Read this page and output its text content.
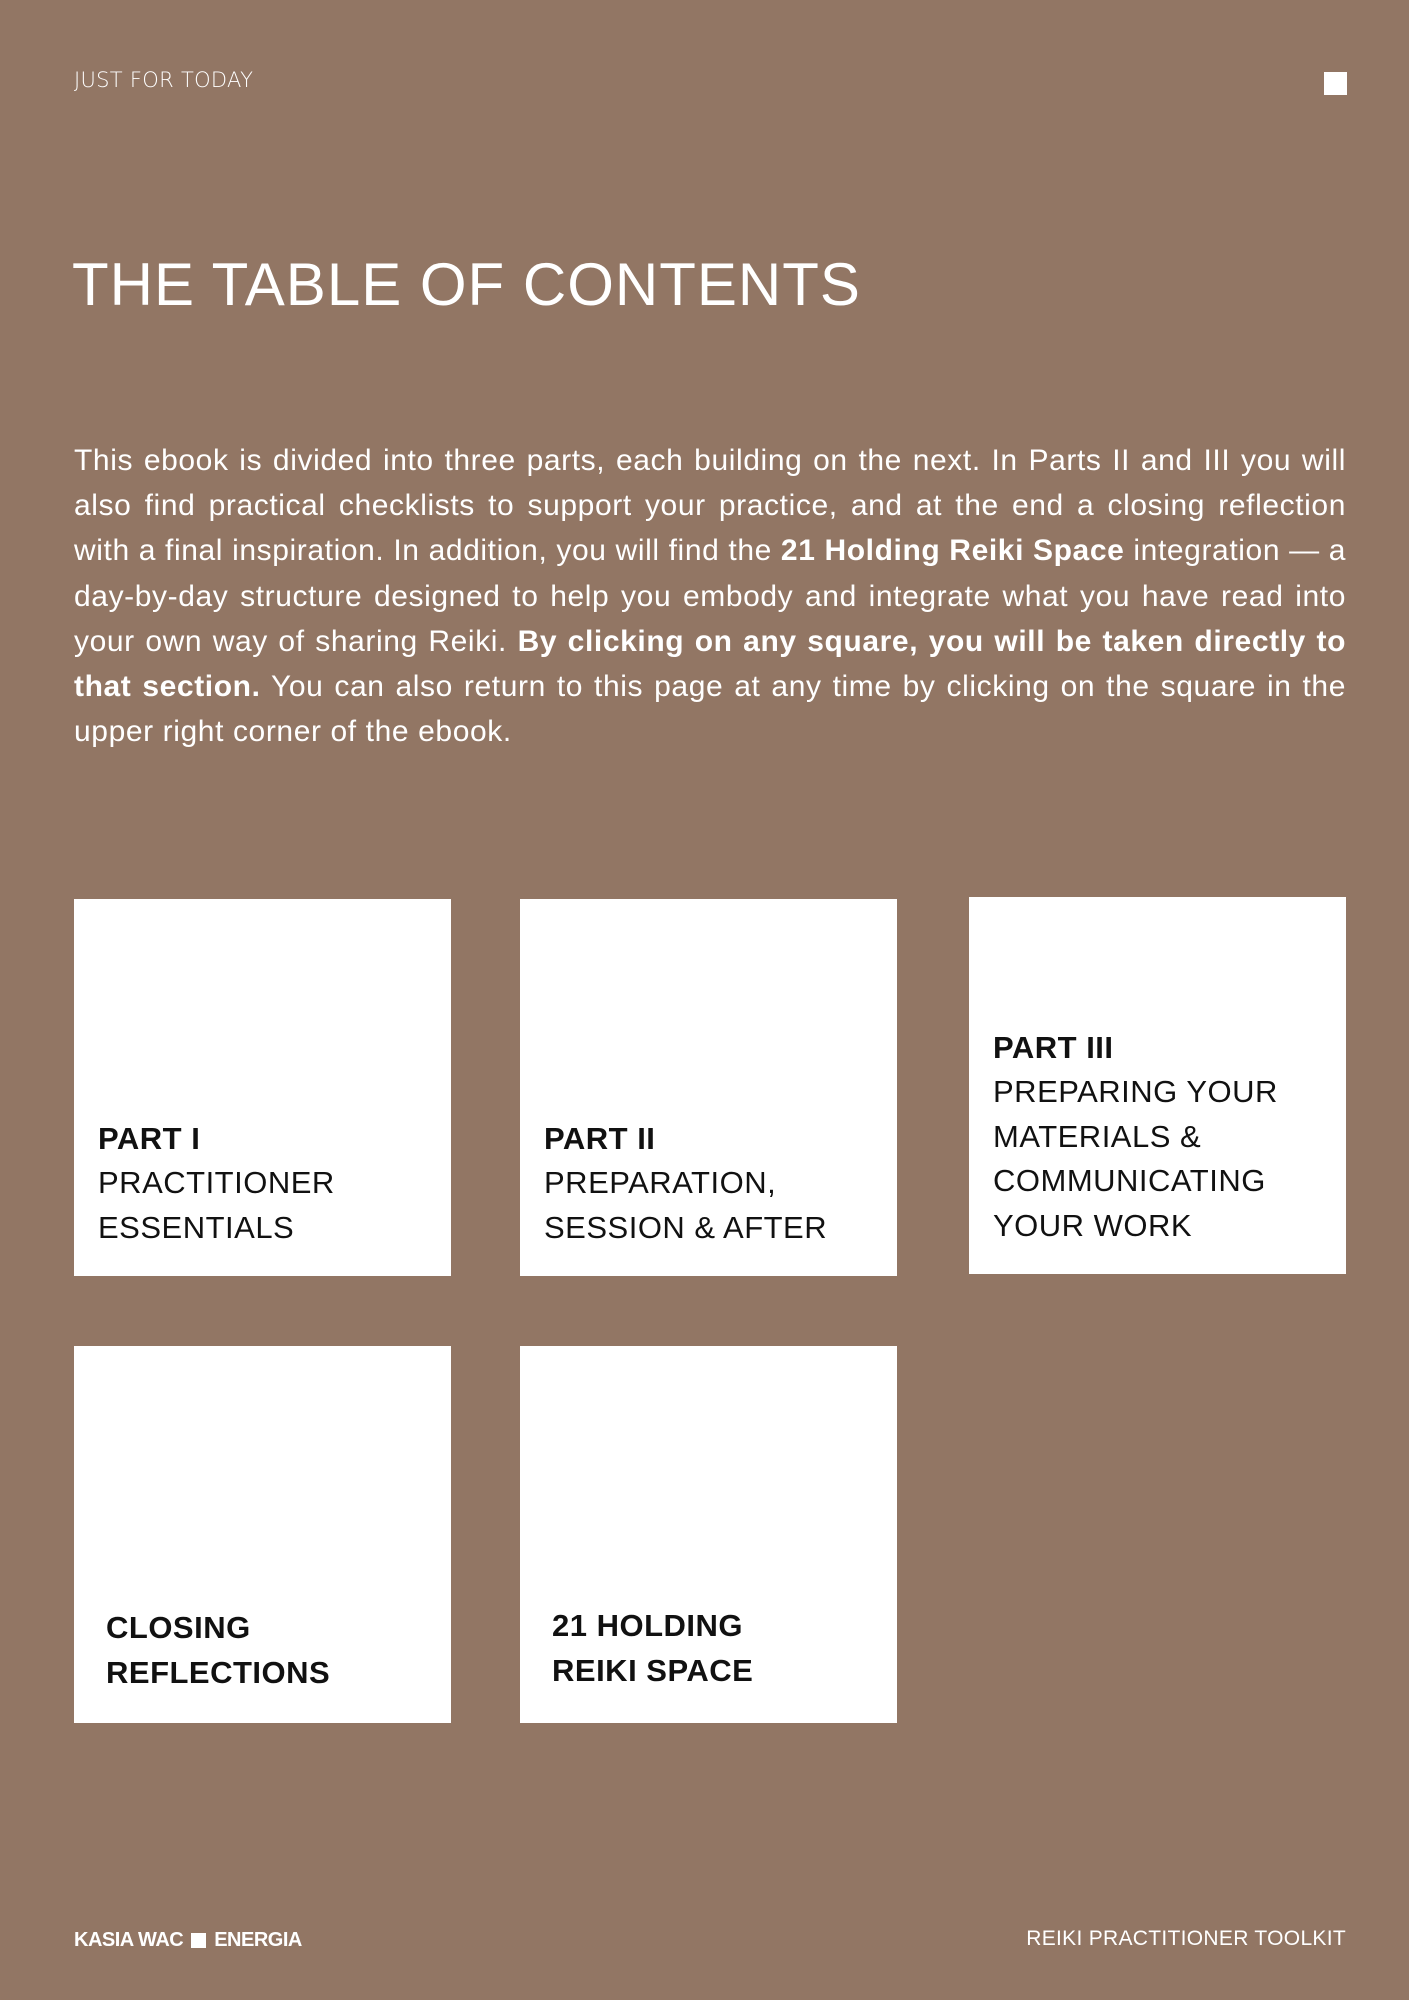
JUST FOR TODAY
THE TABLE OF CONTENTS

This ebook is divided into three parts, each building on the next. In Parts II and III you will also find practical checklists to support your practice, and at the end a closing reflection with a final inspiration. In addition, you will find the 21 Holding Reiki Space integration — a day-by-day structure designed to help you embody and integrate what you have read into your own way of sharing Reiki. By clicking on any square, you will be taken directly to that section. You can also return to this page at any time by clicking on the square in the upper right corner of the ebook.

PART I
PRACTITIONER
ESSENTIALS
PART II
PREPARATION,
SESSION & AFTER
PART III
PREPARING YOUR
MATERIALS &
COMMUNICATING
YOUR WORK
CLOSING
REFLECTIONS
21 HOLDING
REIKI SPACE
KASIA WAC ENERGIA	REIKI PRACTITIONER TOOLKIT
